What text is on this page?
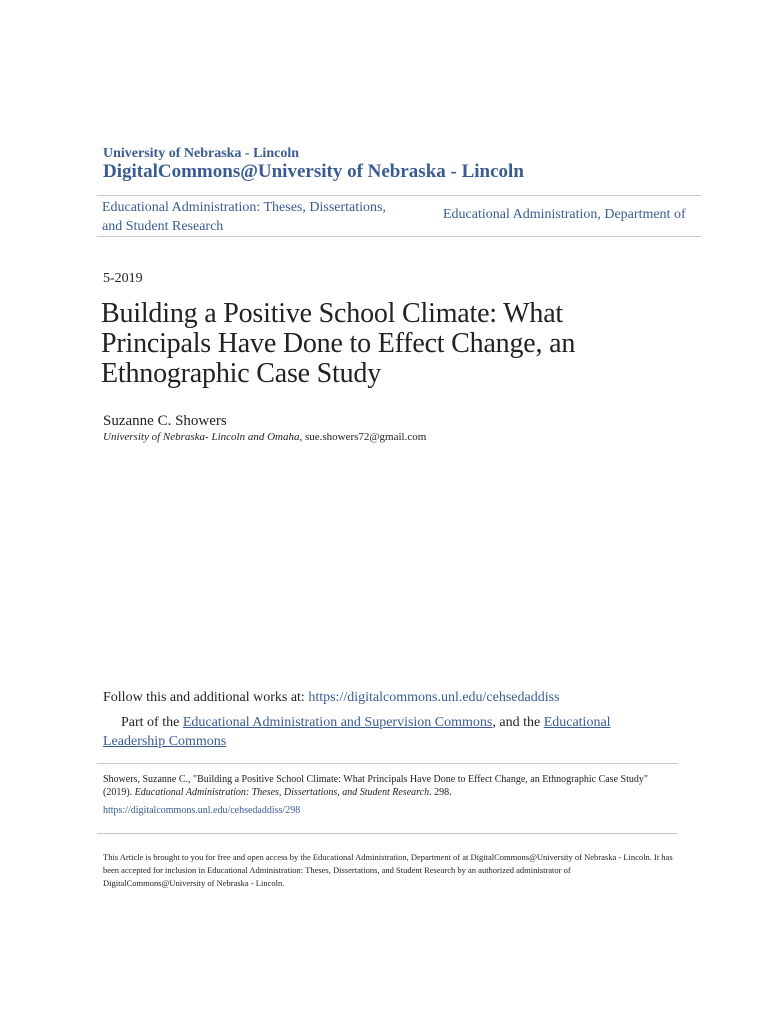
University of Nebraska - Lincoln
DigitalCommons@University of Nebraska - Lincoln
Educational Administration: Theses, Dissertations, and Student Research
Educational Administration, Department of
5-2019
Building a Positive School Climate: What Principals Have Done to Effect Change, an Ethnographic Case Study
Suzanne C. Showers
University of Nebraska- Lincoln and Omaha, sue.showers72@gmail.com
Follow this and additional works at: https://digitalcommons.unl.edu/cehsedaddiss
Part of the Educational Administration and Supervision Commons, and the Educational Leadership Commons
Showers, Suzanne C., "Building a Positive School Climate: What Principals Have Done to Effect Change, an Ethnographic Case Study" (2019). Educational Administration: Theses, Dissertations, and Student Research. 298.
https://digitalcommons.unl.edu/cehsedaddiss/298
This Article is brought to you for free and open access by the Educational Administration, Department of at DigitalCommons@University of Nebraska - Lincoln. It has been accepted for inclusion in Educational Administration: Theses, Dissertations, and Student Research by an authorized administrator of DigitalCommons@University of Nebraska - Lincoln.
